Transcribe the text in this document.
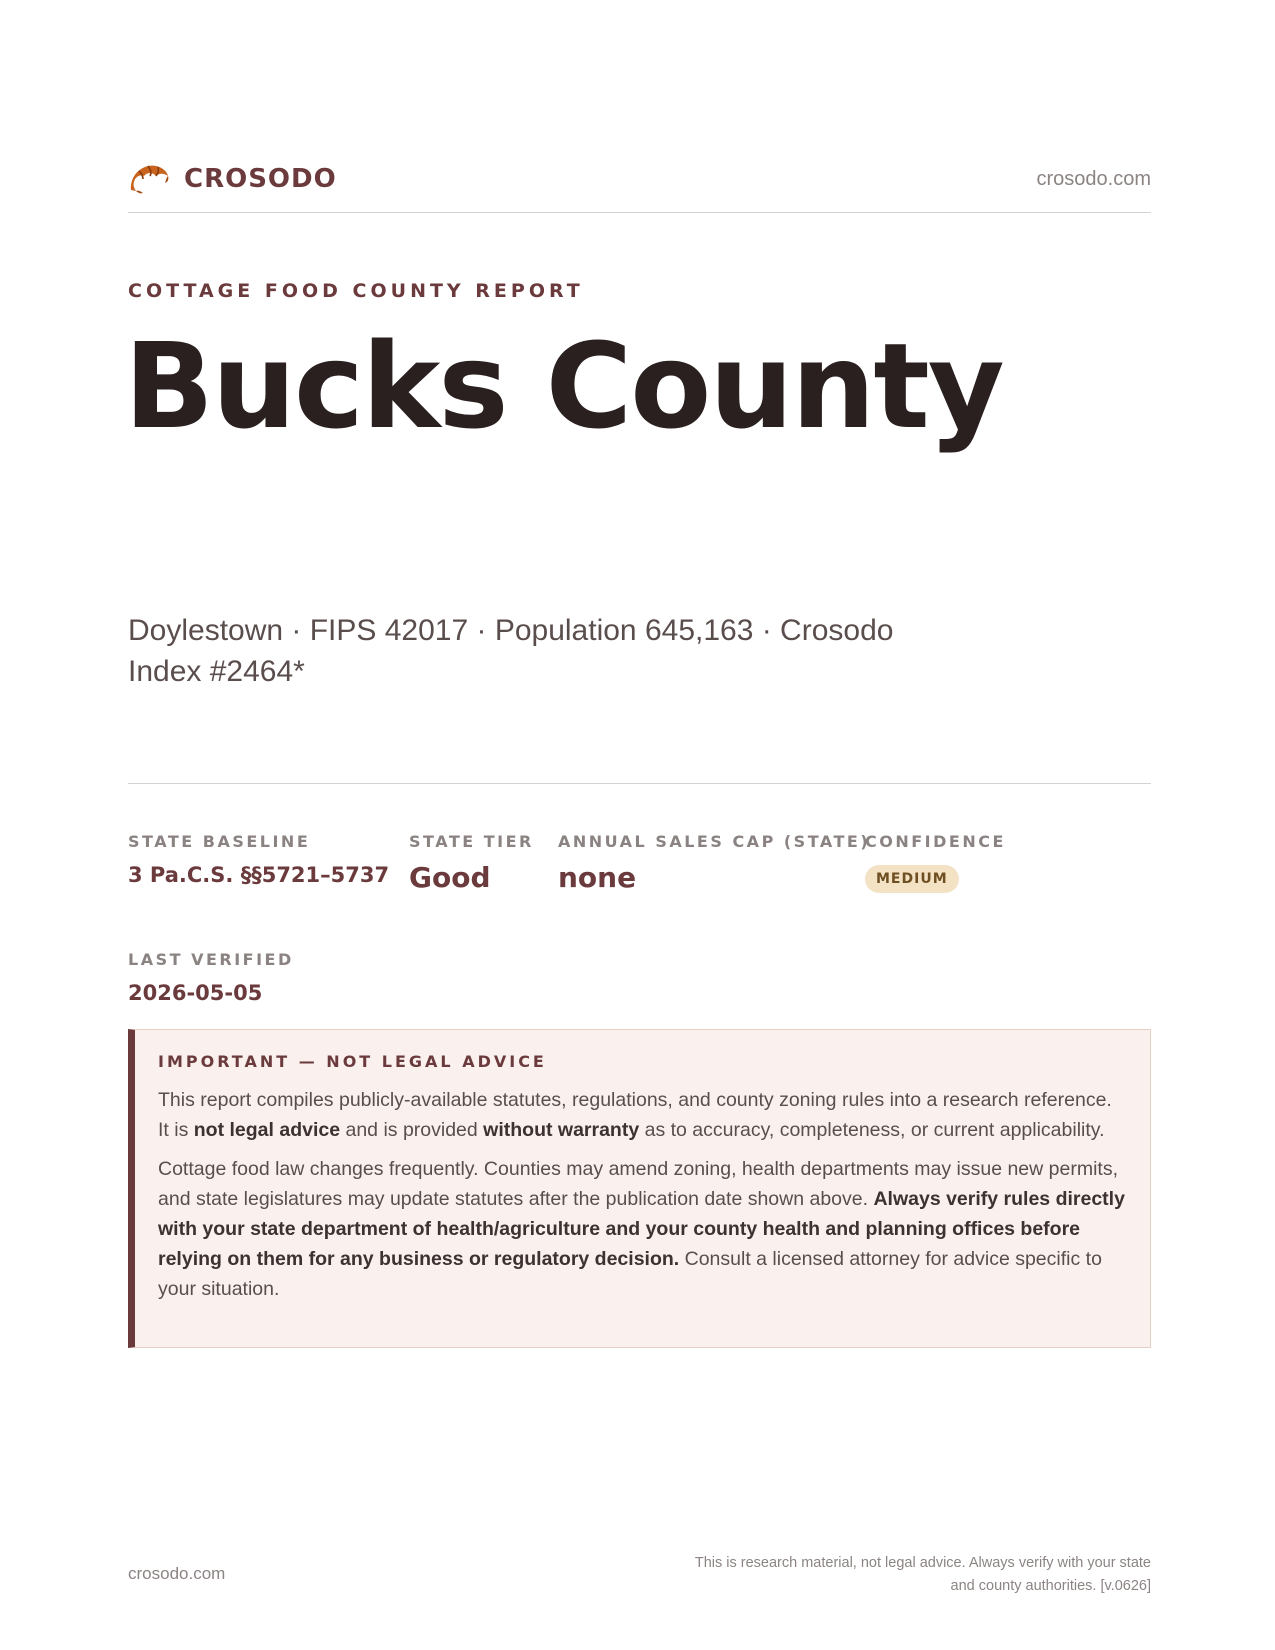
CROSODO	crosodo.com
COTTAGE FOOD COUNTY REPORT
Bucks County
Doylestown · FIPS 42017 · Population 645,163 · Crosodo Index #2464*
STATE BASELINE
3 Pa.C.S. §§5721–5737
STATE TIER
Good
ANNUAL SALES CAP (STATE)
none
CONFIDENCE
MEDIUM
LAST VERIFIED
2026-05-05
IMPORTANT — NOT LEGAL ADVICE

This report compiles publicly-available statutes, regulations, and county zoning rules into a research reference. It is not legal advice and is provided without warranty as to accuracy, completeness, or current applicability.

Cottage food law changes frequently. Counties may amend zoning, health departments may issue new permits, and state legislatures may update statutes after the publication date shown above. Always verify rules directly with your state department of health/agriculture and your county health and planning offices before relying on them for any business or regulatory decision. Consult a licensed attorney for advice specific to your situation.

crosodo.com
This is research material, not legal advice. Always verify with your state
and county authorities. [v.0626]
